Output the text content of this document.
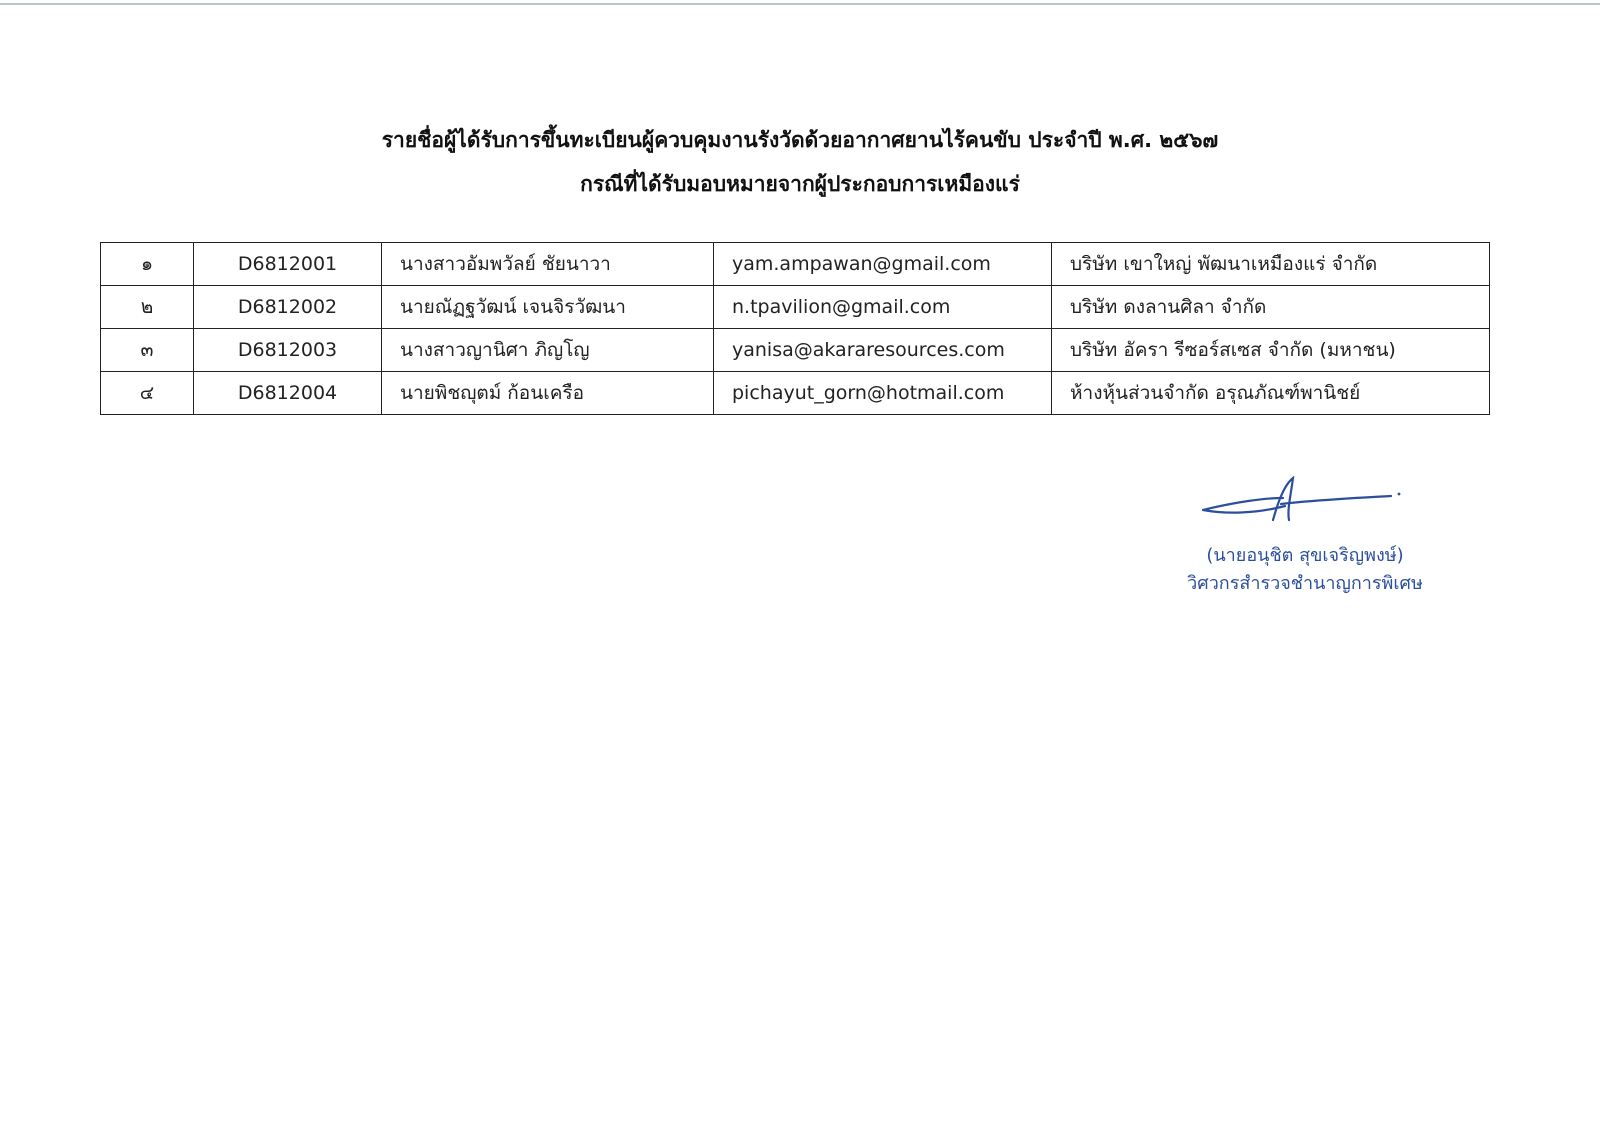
รายชื่อผู้ได้รับการขึ้นทะเบียนผู้ควบคุมงานรังวัดด้วยอากาศยานไร้คนขับ ประจำปี พ.ศ. ๒๕๖๗
กรณีที่ได้รับมอบหมายจากผู้ประกอบการเหมืองแร่
๑	D6812001	นางสาวอัมพวัลย์ ชัยนาวา	yam.ampawan@gmail.com	บริษัท เขาใหญ่ พัฒนาเหมืองแร่ จำกัด
๒	D6812002	นายณัฏฐวัฒน์ เจนจิรวัฒนา	n.tpavilion@gmail.com	บริษัท ดงลานศิลา จำกัด
๓	D6812003	นางสาวญานิศา ภิญโญ	yanisa@akararesources.com	บริษัท อัครา รีซอร์สเซส จำกัด (มหาชน)
๔	D6812004	นายพิชญุตม์ ก้อนเครือ	pichayut_gorn@hotmail.com	ห้างหุ้นส่วนจำกัด อรุณภัณฑ์พานิชย์
(นายอนุชิต สุขเจริญพงษ์)
วิศวกรสำรวจชำนาญการพิเศษ
